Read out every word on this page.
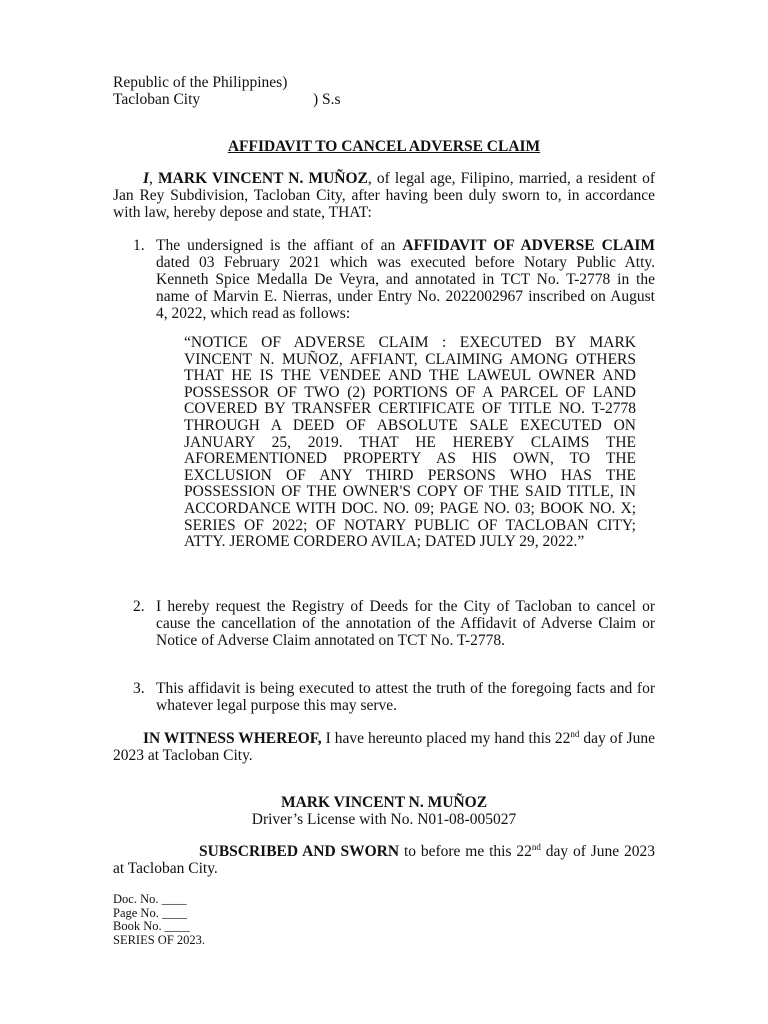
Republic of the Philippines)
Tacloban City	) S.s
AFFIDAVIT TO CANCEL ADVERSE CLAIM
I, MARK VINCENT N. MUÑOZ, of legal age, Filipino, married, a resident of Jan Rey Subdivision, Tacloban City, after having been duly sworn to, in accordance with law, hereby depose and state, THAT:
1. The undersigned is the affiant of an AFFIDAVIT OF ADVERSE CLAIM dated 03 February 2021 which was executed before Notary Public Atty. Kenneth Spice Medalla De Veyra, and annotated in TCT No. T-2778 in the name of Marvin E. Nierras, under Entry No. 2022002967 inscribed on August 4, 2022, which read as follows:
“NOTICE OF ADVERSE CLAIM : EXECUTED BY MARK VINCENT N. MUÑOZ, AFFIANT, CLAIMING AMONG OTHERS THAT HE IS THE VENDEE AND THE LAWEUL OWNER AND POSSESSOR OF TWO (2) PORTIONS OF A PARCEL OF LAND COVERED BY TRANSFER CERTIFICATE OF TITLE NO. T-2778 THROUGH A DEED OF ABSOLUTE SALE EXECUTED ON JANUARY 25, 2019. THAT HE HEREBY CLAIMS THE AFOREMENTIONED PROPERTY AS HIS OWN, TO THE EXCLUSION OF ANY THIRD PERSONS WHO HAS THE POSSESSION OF THE OWNER'S COPY OF THE SAID TITLE, IN ACCORDANCE WITH DOC. NO. 09; PAGE NO. 03; BOOK NO. X; SERIES OF 2022; OF NOTARY PUBLIC OF TACLOBAN CITY; ATTY. JEROME CORDERO AVILA; DATED JULY 29, 2022.”
2. I hereby request the Registry of Deeds for the City of Tacloban to cancel or cause the cancellation of the annotation of the Affidavit of Adverse Claim or Notice of Adverse Claim annotated on TCT No. T-2778.
3. This affidavit is being executed to attest the truth of the foregoing facts and for whatever legal purpose this may serve.
IN WITNESS WHEREOF, I have hereunto placed my hand this 22nd day of June 2023 at Tacloban City.
MARK VINCENT N. MUÑOZ
Driver’s License with No. N01-08-005027
SUBSCRIBED AND SWORN to before me this 22nd day of June 2023 at Tacloban City.
Doc. No. ____
Page No. ____
Book No. ____
SERIES OF 2023.
